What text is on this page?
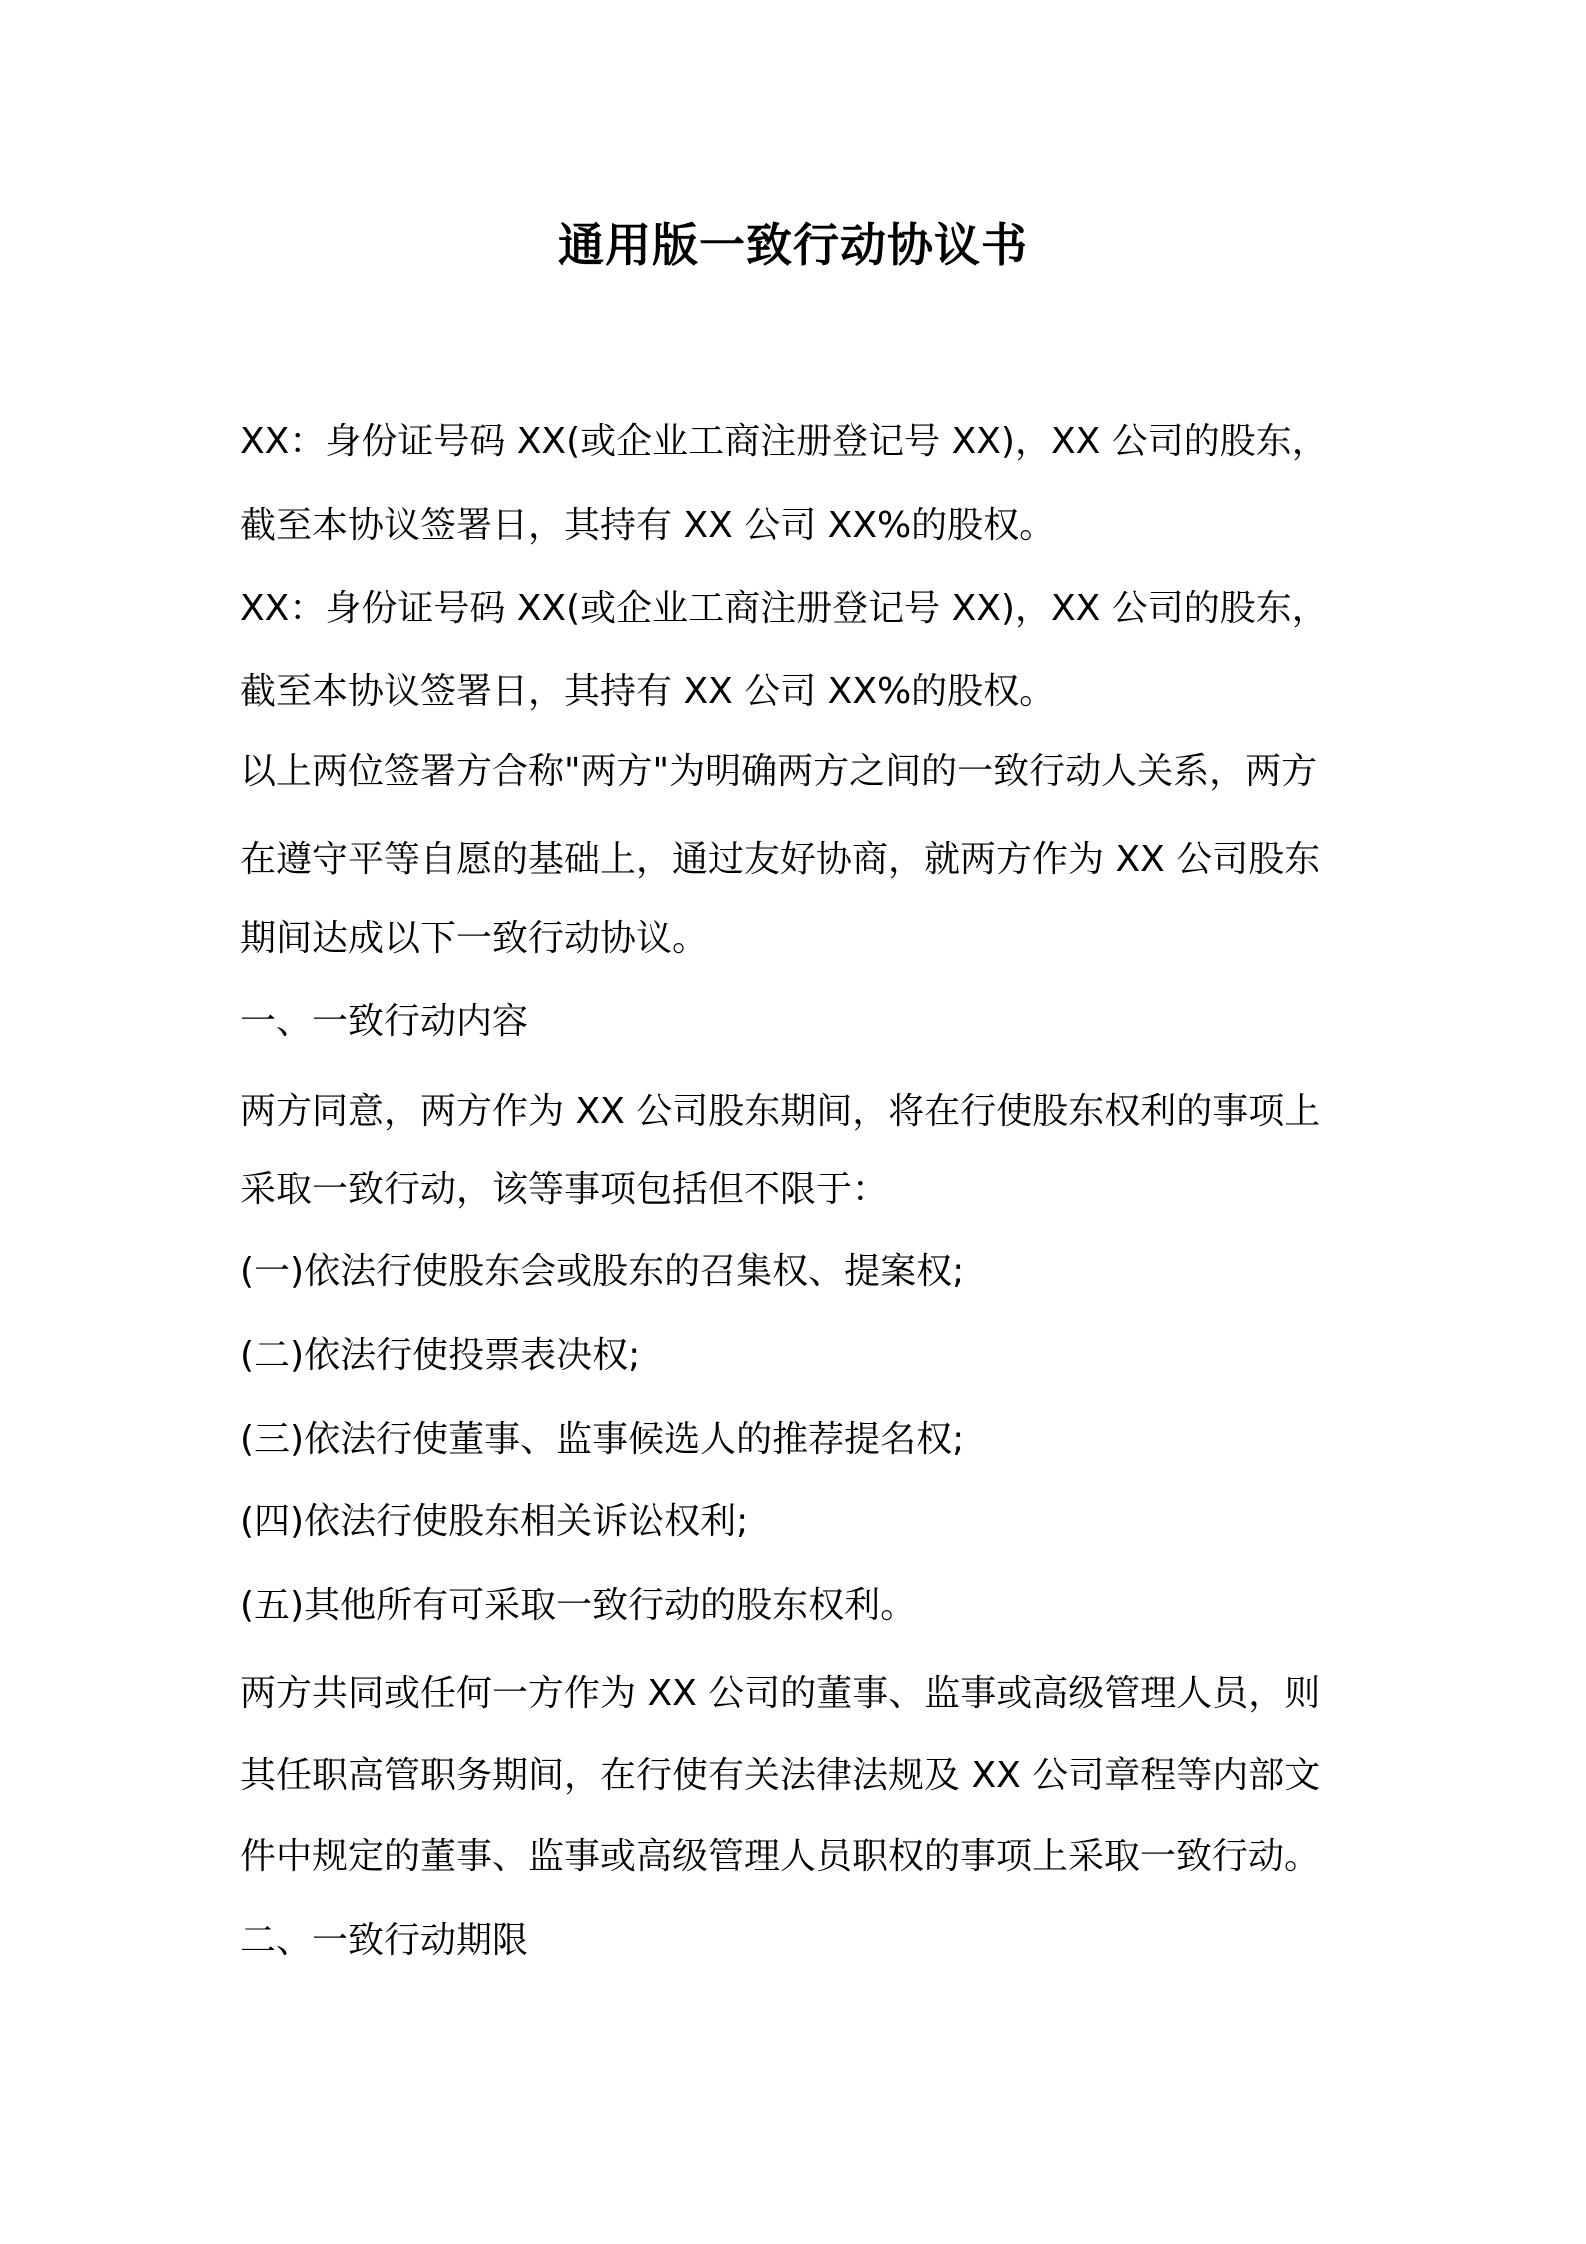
通用版一致行动协议书

XX：身份证号码 XX(或企业工商注册登记号 XX)，XX 公司的股东，

截至本协议签署日，其持有 XX 公司 XX%的股权。

XX：身份证号码 XX(或企业工商注册登记号 XX)，XX 公司的股东，

截至本协议签署日，其持有 XX 公司 XX%的股权。

以上两位签署方合称"两方"为明确两方之间的一致行动人关系，两方

在遵守平等自愿的基础上，通过友好协商，就两方作为 XX 公司股东

期间达成以下一致行动协议。

一、一致行动内容

两方同意，两方作为 XX 公司股东期间，将在行使股东权利的事项上

采取一致行动，该等事项包括但不限于：

(一)依法行使股东会或股东的召集权、提案权;

(二)依法行使投票表决权;

(三)依法行使董事、监事候选人的推荐提名权;

(四)依法行使股东相关诉讼权利;

(五)其他所有可采取一致行动的股东权利。

两方共同或任何一方作为 XX 公司的董事、监事或高级管理人员，则

其任职高管职务期间，在行使有关法律法规及 XX 公司章程等内部文

件中规定的董事、监事或高级管理人员职权的事项上采取一致行动。

二、一致行动期限
